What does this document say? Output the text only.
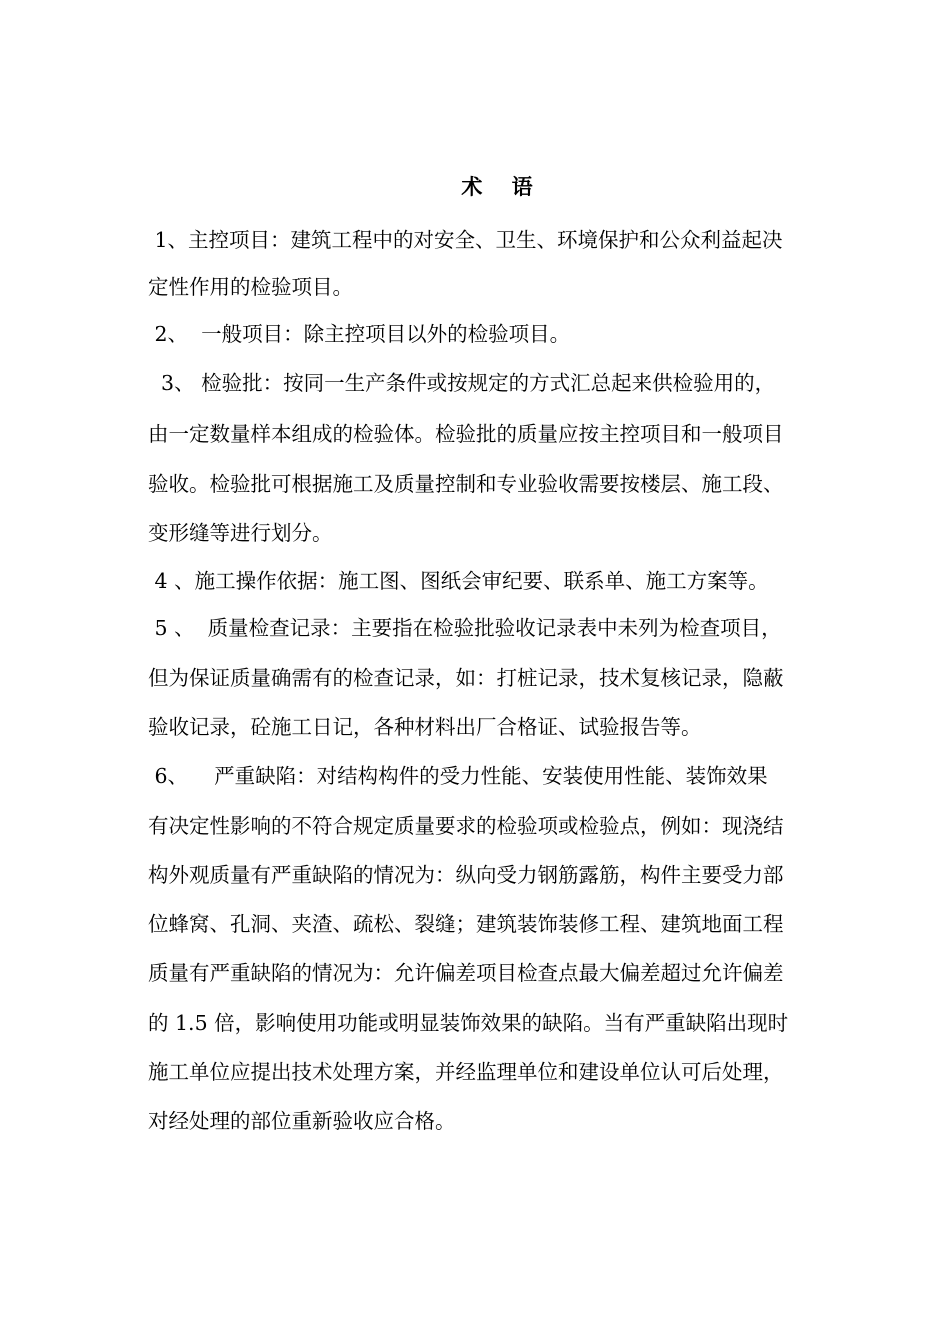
术    语
1、主控项目：建筑工程中的对安全、卫生、环境保护和公众利益起决
定性作用的检验项目。
2、  一般项目：除主控项目以外的检验项目。
3、 检验批：按同一生产条件或按规定的方式汇总起来供检验用的，
由一定数量样本组成的检验体。检验批的质量应按主控项目和一般项目
验收。检验批可根据施工及质量控制和专业验收需要按楼层、施工段、
变形缝等进行划分。
4 、施工操作依据：施工图、图纸会审纪要、联系单、施工方案等。
5 、  质量检查记录：主要指在检验批验收记录表中未列为检查项目，
但为保证质量确需有的检查记录，如：打桩记录，技术复核记录，隐蔽
验收记录，砼施工日记，各种材料出厂合格证、试验报告等。
6、    严重缺陷：对结构构件的受力性能、安装使用性能、装饰效果
有决定性影响的不符合规定质量要求的检验项或检验点，例如：现浇结
构外观质量有严重缺陷的情况为：纵向受力钢筋露筋，构件主要受力部
位蜂窝、孔洞、夹渣、疏松、裂缝；建筑装饰装修工程、建筑地面工程
质量有严重缺陷的情况为：允许偏差项目检查点最大偏差超过允许偏差
的 1.5 倍，影响使用功能或明显装饰效果的缺陷。当有严重缺陷出现时
施工单位应提出技术处理方案，并经监理单位和建设单位认可后处理，
对经处理的部位重新验收应合格。
